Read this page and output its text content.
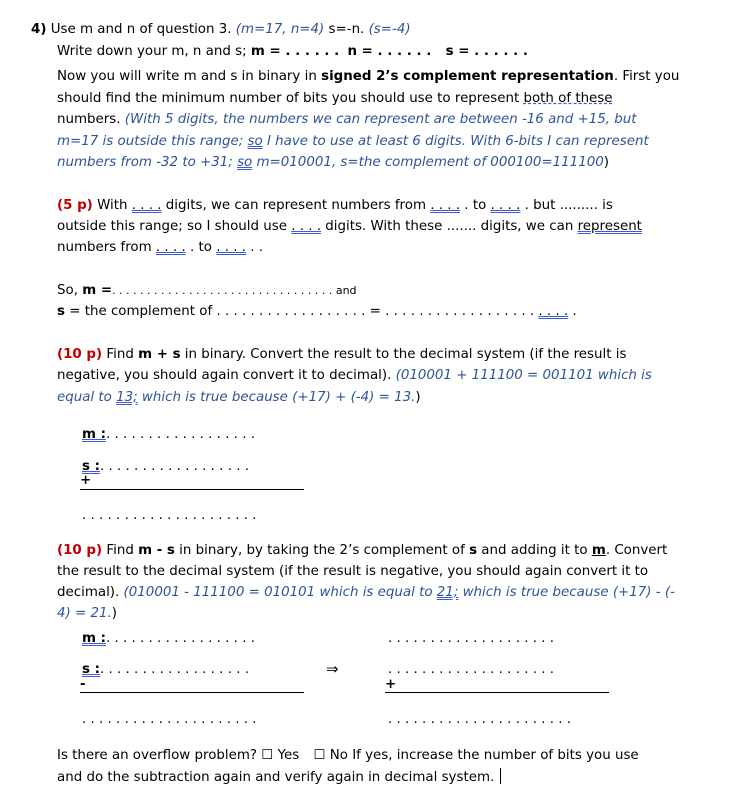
4) Use m and n of question 3. (m=17, n=4) s=-n. (s=-4)
Write down your m, n and s; m = . . . . . . n = . . . . . . s = . . . . . .
Now you will write m and s in binary in signed 2’s complement representation. First you
should find the minimum number of bits you should use to represent both of these
numbers. (With 5 digits, the numbers we can represent are between -16 and +15, but
m=17 is outside this range; so I have to use at least 6 digits. With 6-bits I can represent
numbers from -32 to +31; so m=010001, s=the complement of 000100=111100)
(5 p) With . . . . digits, we can represent numbers from . . . . . to . . . . . but ......... is
outside this range; so I should use . . . . digits. With these ....... digits, we can represent
numbers from . . . . . to . . . . . .
So, m =. . . . . . . . . . . . . . . . . . . . . . . . . . . . . . . . and
s = the complement of . . . . . . . . . . . . . . . . . . = . . . . . . . . . . . . . . . . . . . . . . .
(10 p) Find m + s in binary. Convert the result to the decimal system (if the result is
negative, you should again convert it to decimal). (010001 + 111100 = 001101 which is
equal to 13; which is true because (+17) + (-4) = 13.)
m :. . . . . . . . . . . . . . . . . .
s :. . . . . . . . . . . . . . . . . .
+
. . . . . . . . . . . . . . . . . . . . .
(10 p) Find m - s in binary, by taking the 2’s complement of s and adding it to m. Convert
the result to the decimal system (if the result is negative, you should again convert it to
decimal). (010001 - 111100 = 010101 which is equal to 21; which is true because (+17) - (-
4) = 21.)
m :. . . . . . . . . . . . . . . . . .	. . . . . . . . . . . . . . . . . . . .
s :. . . . . . . . . . . . . . . . . .	⇒	. . . . . . . . . . . . . . . . . . . .
-	+
. . . . . . . . . . . . . . . . . . . . .	. . . . . . . . . . . . . . . . . . . . . .
Is there an overflow problem? ☐ Yes ☐ No If yes, increase the number of bits you use
and do the subtraction again and verify again in decimal system.
